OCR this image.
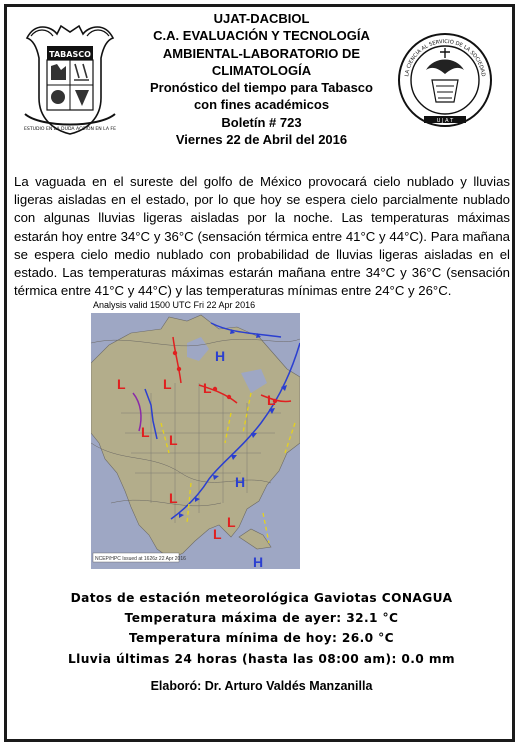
UJAT-DACBIOL
C.A. EVALUACIÓN Y TECNOLOGÍA
AMBIENTAL-LABORATORIO DE
CLIMATOLOGÍA
Pronóstico del tiempo para Tabasco
con fines académicos
Boletín # 723
Viernes 22 de Abril del 2016
TABASCO
ESTUDIO EN LA DUDA ACCIÓN EN LA FE
LA CIENCIA AL SERVICIO DE LA SOCIEDAD
U J A T
La vaguada en el sureste del golfo de México provocará cielo nublado y lluvias ligeras aisladas en el estado, por lo que hoy se espera cielo parcialmente nublado con algunas lluvias ligeras aisladas por la noche. Las temperaturas máximas estarán hoy entre 34°C y 36°C (sensación térmica entre 41°C y 44°C). Para mañana se espera cielo medio nublado con probabilidad de lluvias ligeras aisladas en el estado. Las temperaturas máximas estarán mañana entre 34°C y 36°C (sensación térmica entre 41°C y 44°C) y las temperaturas mínimas entre 24°C y 26°C.
L	L L
L L
L
L
L
H
H
H
L
NCEP/HPC Issued at 1626z 22 Apr 2016
Analysis valid 1500 UTC Fri 22 Apr 2016
Datos de estación meteorológica Gaviotas CONAGUA
Temperatura máxima de ayer: 32.1 °C
Temperatura mínima de hoy: 26.0 °C
Lluvia últimas 24 horas (hasta las 08:00 am): 0.0 mm
Elaboró: Dr. Arturo Valdés Manzanilla
